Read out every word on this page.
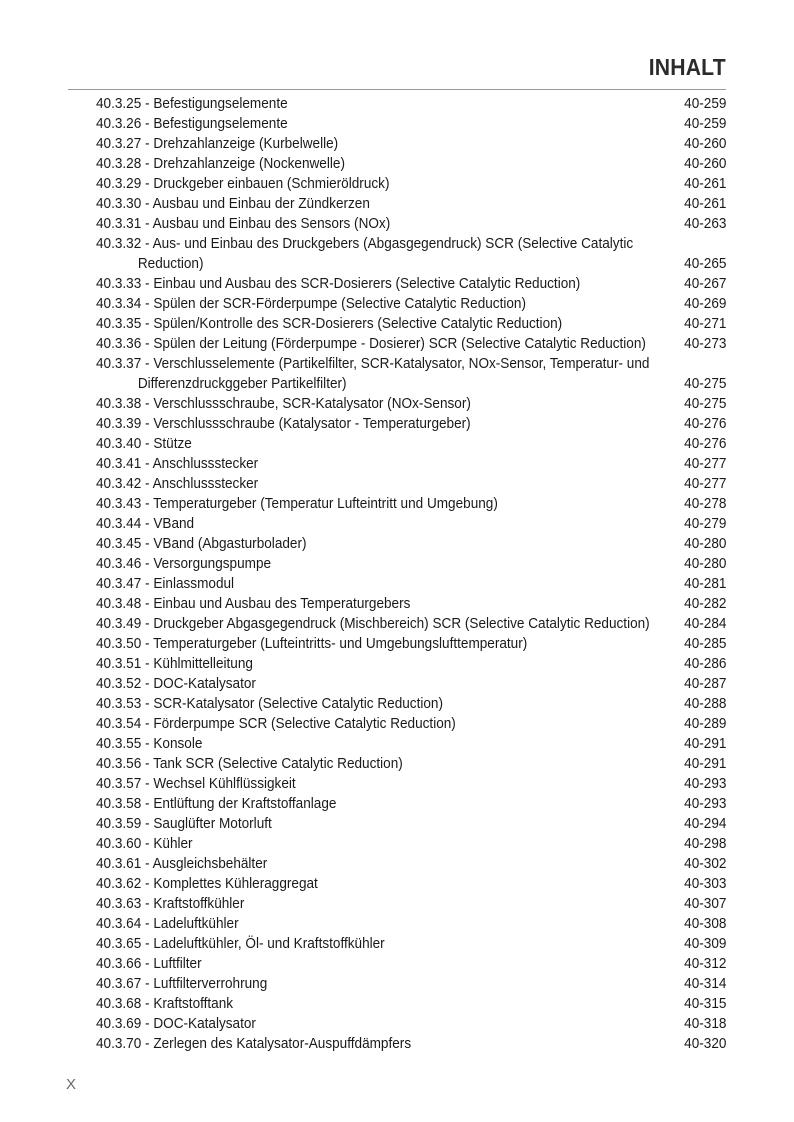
INHALT
40.3.25 - Befestigungselemente	40-259
40.3.26 - Befestigungselemente	40-259
40.3.27 - Drehzahlanzeige (Kurbelwelle)	40-260
40.3.28 - Drehzahlanzeige (Nockenwelle)	40-260
40.3.29 - Druckgeber einbauen (Schmieröldruck)	40-261
40.3.30 - Ausbau und Einbau der Zündkerzen	40-261
40.3.31 - Ausbau und Einbau des Sensors (NOx)	40-263
40.3.32 - Aus- und Einbau des Druckgebers (Abgasgegendruck) SCR (Selective Catalytic
Reduction)	40-265
40.3.33 - Einbau und Ausbau des SCR-Dosierers (Selective Catalytic Reduction)	40-267
40.3.34 - Spülen der SCR-Förderpumpe (Selective Catalytic Reduction)	40-269
40.3.35 - Spülen/Kontrolle des SCR-Dosierers (Selective Catalytic Reduction)	40-271
40.3.36 - Spülen der Leitung (Förderpumpe - Dosierer) SCR (Selective Catalytic Reduction)	40-273
40.3.37 - Verschlusselemente (Partikelfilter, SCR-Katalysator, NOx-Sensor, Temperatur- und
Differenzdruckggeber Partikelfilter)	40-275
40.3.38 - Verschlussschraube, SCR-Katalysator (NOx-Sensor)	40-275
40.3.39 - Verschlussschraube (Katalysator - Temperaturgeber)	40-276
40.3.40 - Stütze	40-276
40.3.41 - Anschlussstecker	40-277
40.3.42 - Anschlussstecker	40-277
40.3.43 - Temperaturgeber (Temperatur Lufteintritt und Umgebung)	40-278
40.3.44 - VBand	40-279
40.3.45 - VBand (Abgasturbolader)	40-280
40.3.46 - Versorgungspumpe	40-280
40.3.47 - Einlassmodul	40-281
40.3.48 - Einbau und Ausbau des Temperaturgebers	40-282
40.3.49 - Druckgeber Abgasgegendruck (Mischbereich) SCR (Selective Catalytic Reduction)	40-284
40.3.50 - Temperaturgeber (Lufteintritts- und Umgebungslufttemperatur)	40-285
40.3.51 - Kühlmittelleitung	40-286
40.3.52 - DOC-Katalysator	40-287
40.3.53 - SCR-Katalysator (Selective Catalytic Reduction)	40-288
40.3.54 - Förderpumpe SCR (Selective Catalytic Reduction)	40-289
40.3.55 - Konsole	40-291
40.3.56 - Tank SCR (Selective Catalytic Reduction)	40-291
40.3.57 - Wechsel Kühlflüssigkeit	40-293
40.3.58 - Entlüftung der Kraftstoffanlage	40-293
40.3.59 - Sauglüfter Motorluft	40-294
40.3.60 - Kühler	40-298
40.3.61 - Ausgleichsbehälter	40-302
40.3.62 - Komplettes Kühleraggregat	40-303
40.3.63 - Kraftstoffkühler	40-307
40.3.64 - Ladeluftkühler	40-308
40.3.65 - Ladeluftkühler, Öl- und Kraftstoffkühler	40-309
40.3.66 - Luftfilter	40-312
40.3.67 - Luftfilterverrohrung	40-314
40.3.68 - Kraftstofftank	40-315
40.3.69 - DOC-Katalysator	40-318
40.3.70 - Zerlegen des Katalysator-Auspuffdämpfers	40-320
X
